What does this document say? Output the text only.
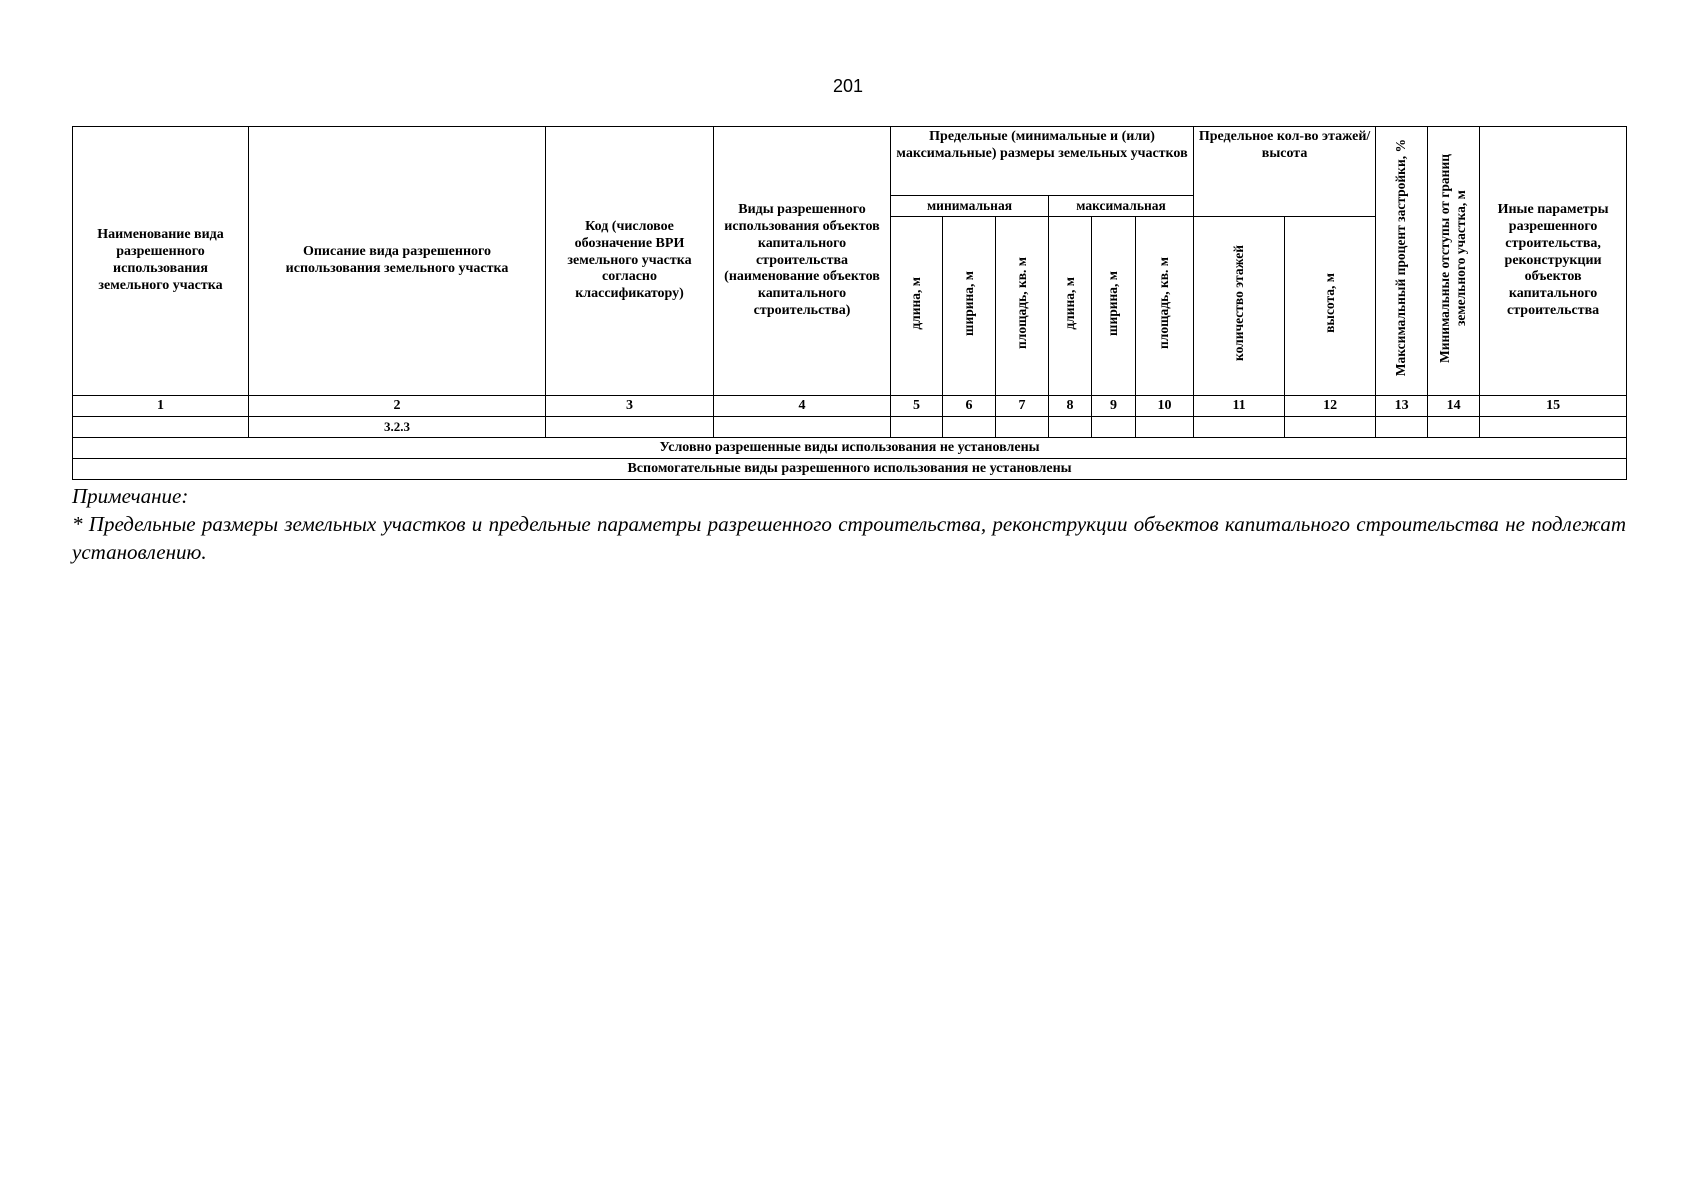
201
Наименование вида разрешенного использования земельного участка	Описание вида разрешенного использования земельного участка	Код (числовое обозначение ВРИ земельного участка согласно классификатору)	Виды разрешенного использования объектов капитального строительства (наименование объектов капитального строительства)	Предельные (минимальные и (или) максимальные) размеры земельных участков						Предельное кол-во этажей/высота		Максимальный процент застройки, %	Минимальные отступы от границ земельного участка, м	Иные параметры разрешенного строительства, реконструкции объектов капитального строительства

				минимальная			максимальная							
				длина, м	ширина, м	площадь, кв. м	длина, м	ширина, м	площадь, кв. м	количество этажей	высота, м			
1	2	3	4	5	6	7	8	9	10	11	12	13	14	15
	3.2.3													
Условно разрешенные виды использования не установлены														
Вспомогательные виды разрешенного использования не установлены														
Примечание:
* Предельные размеры земельных участков и предельные параметры разрешенного строительства, реконструкции объектов капитального строительства не подлежат установлению.
